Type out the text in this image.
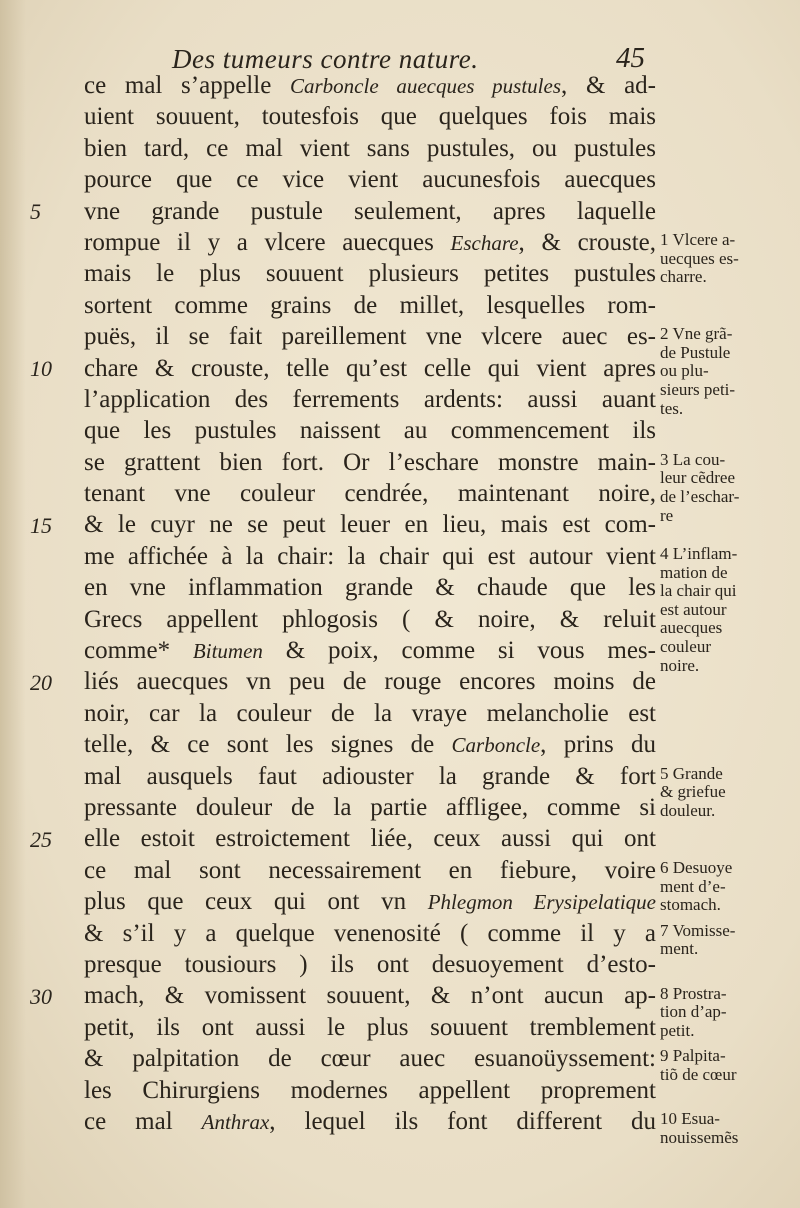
Des tumeurs contre nature.	45
5
10
15
20
25
30
ce mal s’appelle Carboncle auecques pustules, & ad-
uient souuent, toutesfois que quelques fois mais
bien tard, ce mal vient sans pustules, ou pustules
pource que ce vice vient aucunesfois auecques
vne grande pustule seulement, apres laquelle
rompue il y a vlcere auecques Eschare, & crouste,
mais le plus souuent plusieurs petites pustules
sortent comme grains de millet, lesquelles rom-
puës, il se fait pareillement vne vlcere auec es-
chare & crouste, telle qu’est celle qui vient apres
l’application des ferrements ardents: aussi auant
que les pustules naissent au commencement ils
se grattent bien fort. Or l’eschare monstre main-
tenant vne couleur cendrée, maintenant noire,
& le cuyr ne se peut leuer en lieu, mais est com-
me affichée à la chair: la chair qui est autour vient
en vne inflammation grande & chaude que les
Grecs appellent phlogosis ( & noire, & reluit
comme* Bitumen & poix, comme si vous mes-
liés auecques vn peu de rouge encores moins de
noir, car la couleur de la vraye melancholie est
telle, & ce sont les signes de Carboncle, prins du
mal ausquels faut adiouster la grande & fort
pressante douleur de la partie affligee, comme si
elle estoit estroictement liée, ceux aussi qui ont
ce mal sont necessairement en fiebure, voire
plus que ceux qui ont vn Phlegmon Erysipelatique
& s’il y a quelque venenosité ( comme il y a
presque tousiours ) ils ont desuoyement d’esto-
mach, & vomissent souuent, & n’ont aucun ap-
petit, ils ont aussi le plus souuent tremblement
& palpitation de cœur auec esuanoüyssement:
les Chirurgiens modernes appellent proprement
ce mal Anthrax, lequel ils font different du
1 Vlcere a-
uecques es-
charre.
2 Vne grã-
de Pustule
ou plu-
sieurs peti-
tes.
3 La cou-
leur cẽdree
de l’eschar-
re
4 L’inflam-
mation de
la chair qui
est autour
auecques
couleur
noire.
5 Grande
& griefue
douleur.
6 Desuoye
ment d’e-
stomach.
7 Vomisse-
ment.
8 Prostra-
tion d’ap-
petit.
9 Palpita-
tiõ de cœur
10 Esua-
nouissemẽs
